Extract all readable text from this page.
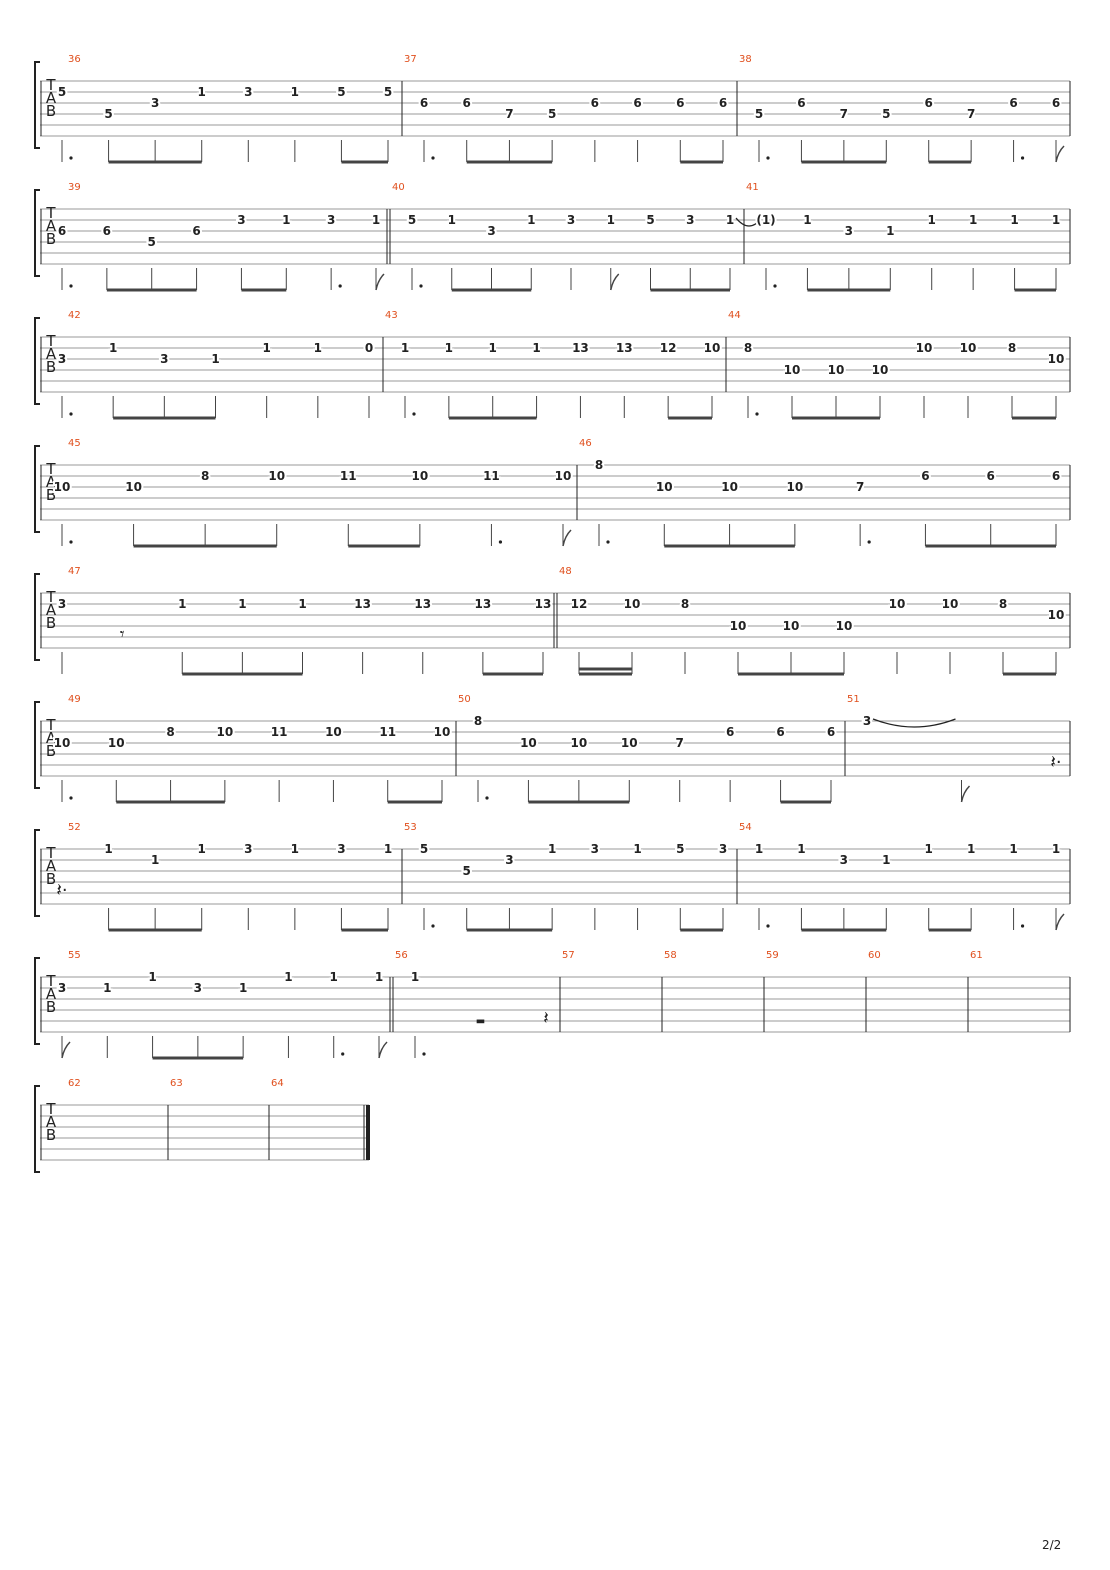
T
A
B
36
5
5
3
1	3	1	5	5
37
6	6
7	5
6	6	6	6
38
5
6
7	5
6
7
6	6
T
A
B
39
6	6
5
6
3	1	3	1
40
5	1
3
1	3	1	5	3	1
41
(1) 1
3	1
1	1	1	1
T
A
B
42
3
1
3	1
1	1	0
43
1	1	1	1	13 13 12 10
44
8
10 10 10
10 10	8
10
T
A
B
45
10	10
8	10	11	10	11	10
46
8
10	10	10	7
6	6	6
T
A
B
47
3
𝄾
1	1	1	13	13	13	13
48
12	10	8
10	10	10
10	10	8
10
T
A
B
49
10	10
8	10	11	10	11	10
50
8
10	10	10	7
6	6	6
51
3
𝄽·
T
A
B
52
𝄽·
1
1
1	3	1	3	1
53
5
5
3
1	3	1	5	3
54
1	1
3	1
1	1	1	1
T
A
B
55
3	1
1
3	1
1	1	1
56
1
▬	𝄽
57	58	59	60	61
T
A
B
62	63	64
2/2
